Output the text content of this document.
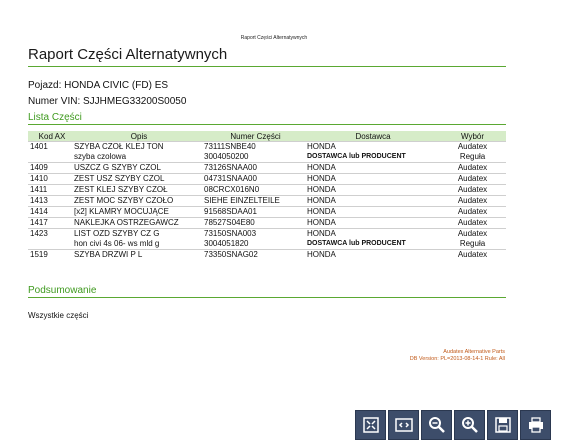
Raport Części Alternatywnych
Raport Części Alternatywnych
Pojazd: HONDA CIVIC (FD) ES
Numer VIN: SJJHMEG33200S0050
Lista Części
Kod AX	Opis	Numer Części	Dostawca	Wybór
1401	SZYBA CZOŁ KLEJ TON	73111SNBE40	HONDA	Audatex
	szyba czolowa	3004050200	DOSTAWCA lub PRODUCENT	Reguła
1409	USZCZ G SZYBY CZOL	73126SNAA00	HONDA	Audatex
1410	ZEST USZ SZYBY CZOL	04731SNAA00	HONDA	Audatex
1411	ZEST KLEJ SZYBY CZOŁ	08CRCX016N0	HONDA	Audatex
1413	ZEST MOC SZYBY CZOŁO	SIEHE EINZELTEILE	HONDA	Audatex
1414	[x2] KLAMRY MOCUJĄCE	91568SDAA01	HONDA	Audatex
1417	NAKLEJKA OSTRZEGAWCZ	78527S04E80	HONDA	Audatex
1423	LIST OZD SZYBY CZ G	73150SNA003	HONDA	Audatex
	hon civi 4s 06- ws mld g	3004051820	DOSTAWCA lub PRODUCENT	Reguła
1519	SZYBA DRZWI P L	73350SNAG02	HONDA	Audatex
Podsumowanie
Wszystkie części
Audatex Alternative Parts
DB Version: PL=2013-08-14-1 Rule: All
